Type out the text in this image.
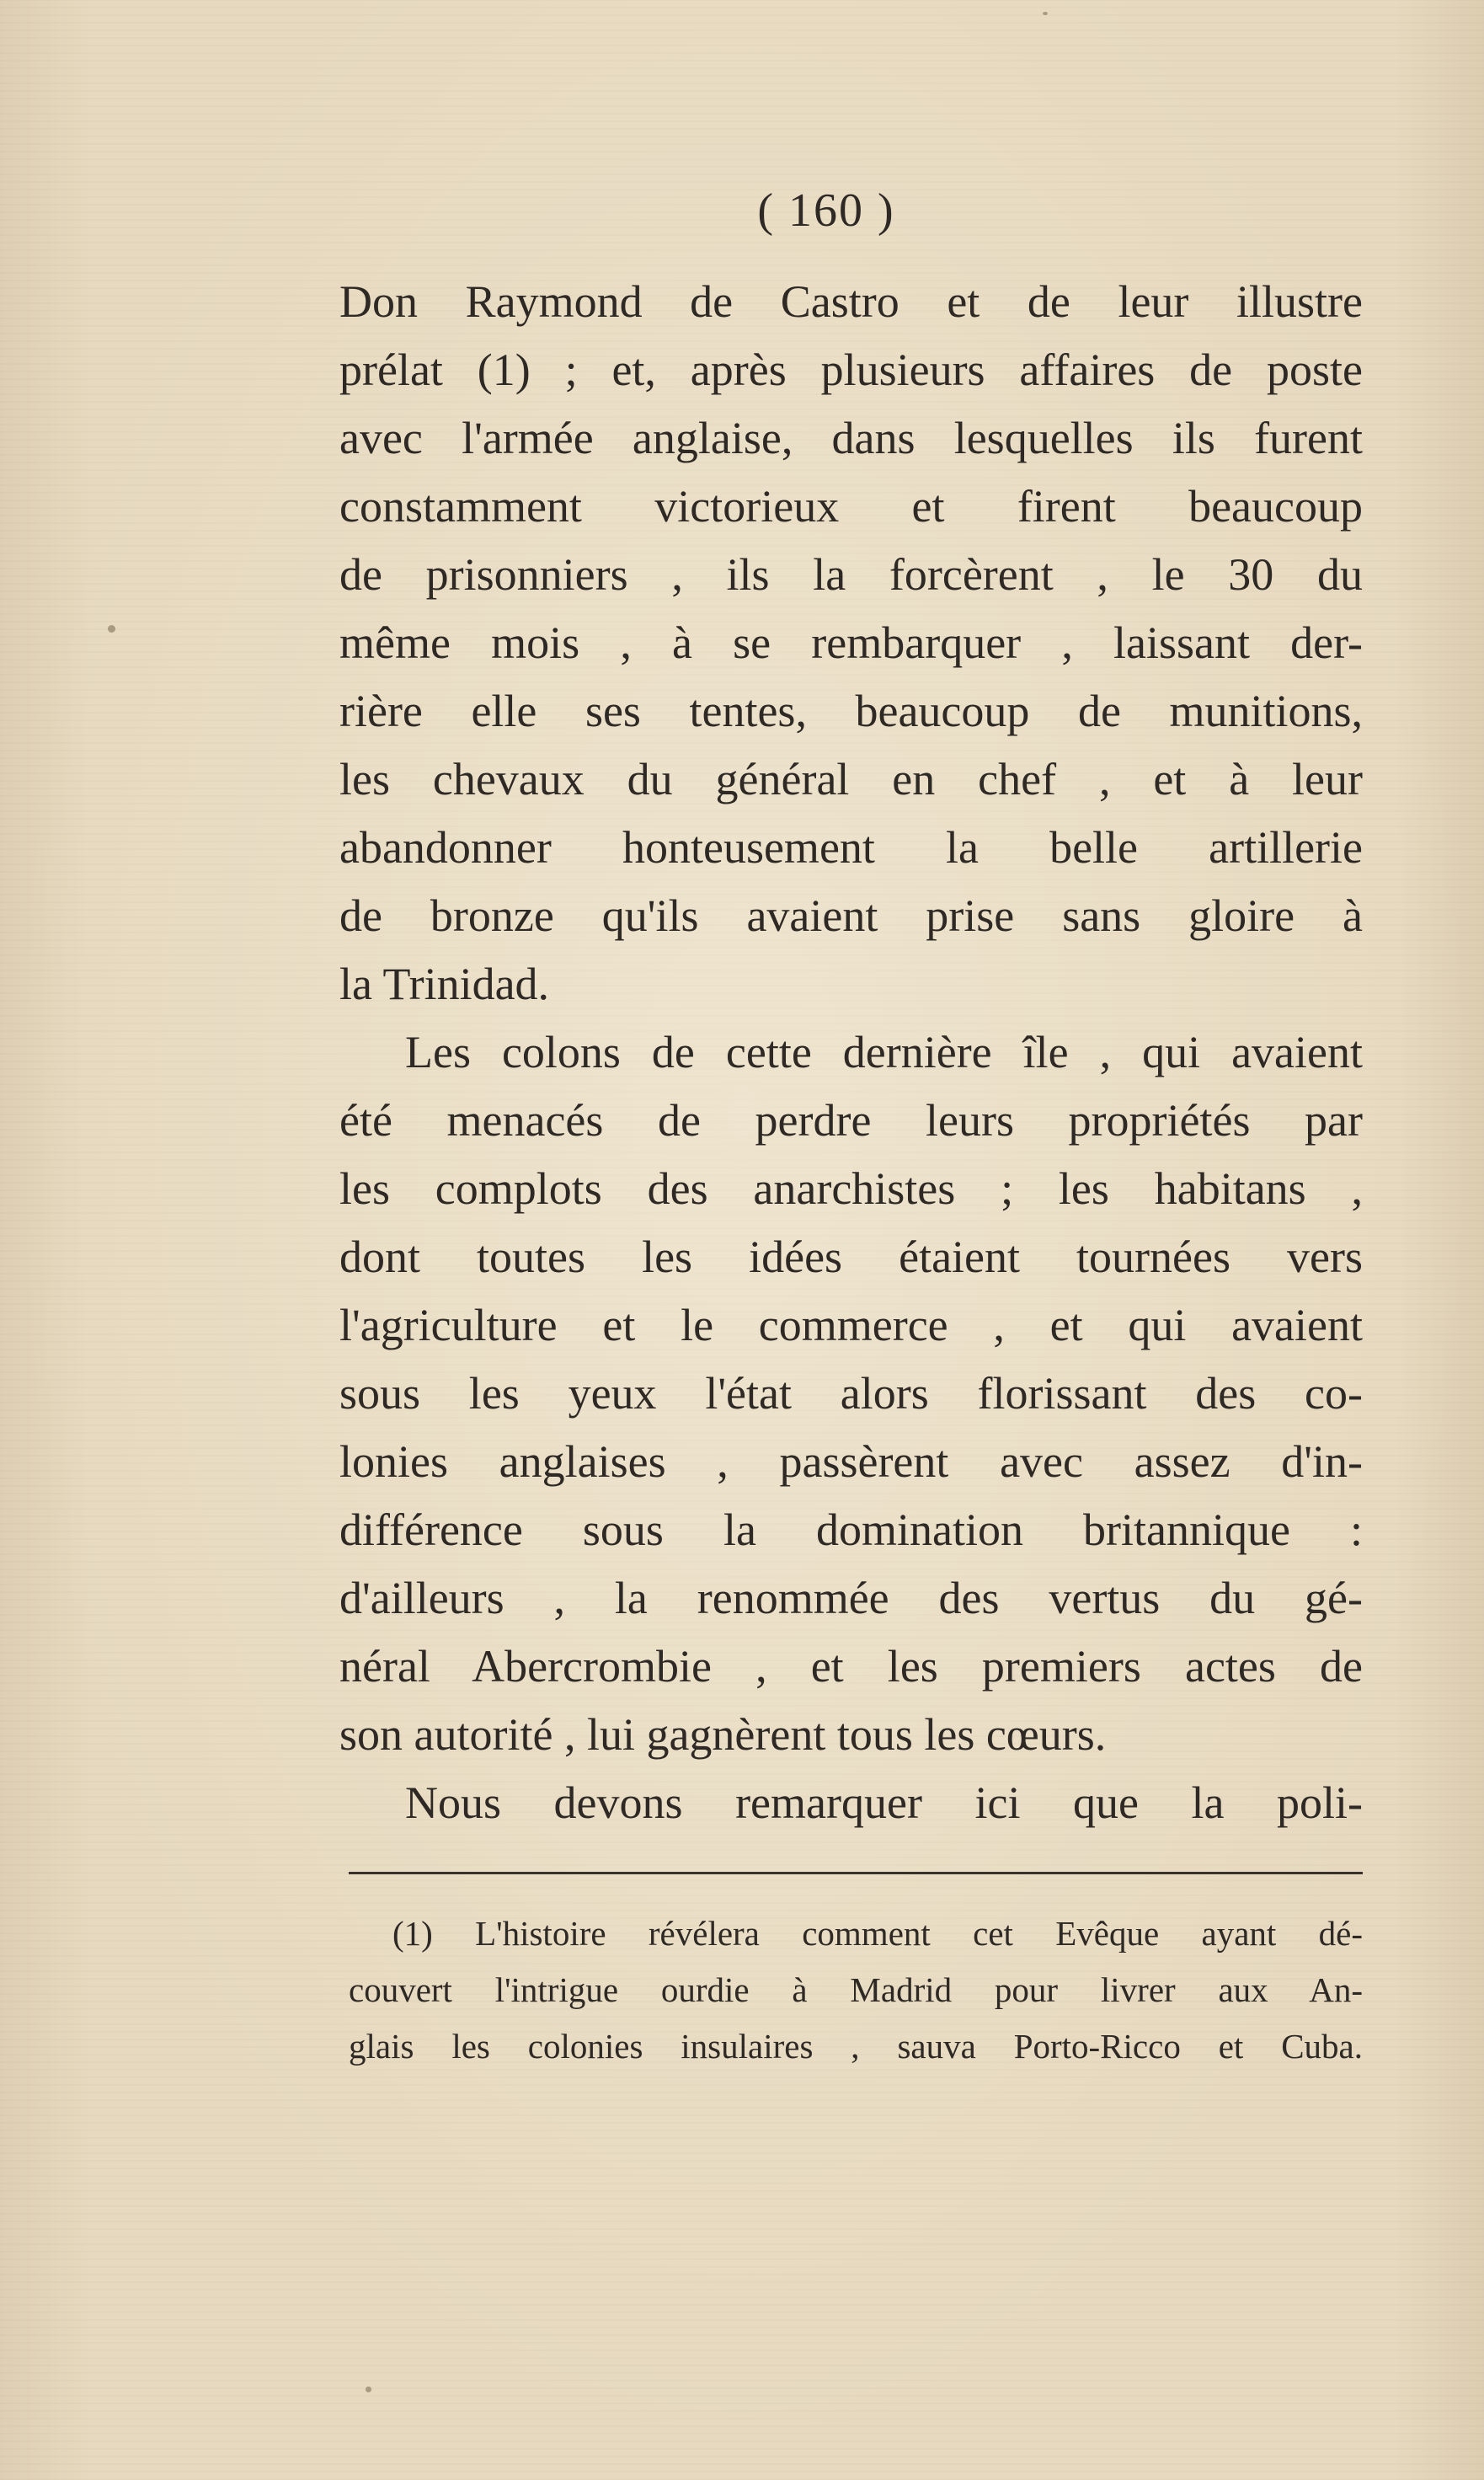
( 160 )
Don Raymond de Castro et de leur illustre
prélat (1) ; et, après plusieurs affaires de poste
avec l'armée anglaise, dans lesquelles ils furent
constamment victorieux et firent beaucoup
de prisonniers , ils la forcèrent , le 30 du
même mois , à se rembarquer , laissant der-
rière elle ses tentes, beaucoup de munitions,
les chevaux du général en chef , et à leur
abandonner honteusement la belle artillerie
de bronze qu'ils avaient prise sans gloire à
la Trinidad.
Les colons de cette dernière île , qui avaient
été menacés de perdre leurs propriétés par
les complots des anarchistes ; les habitans ,
dont toutes les idées étaient tournées vers
l'agriculture et le commerce , et qui avaient
sous les yeux l'état alors florissant des co-
lonies anglaises , passèrent avec assez d'in-
différence sous la domination britannique :
d'ailleurs , la renommée des vertus du gé-
néral Abercrombie , et les premiers actes de
son autorité , lui gagnèrent tous les cœurs.
Nous devons remarquer ici que la poli-
(1) L'histoire révélera comment cet Evêque ayant dé-
couvert l'intrigue ourdie à Madrid pour livrer aux An-
glais les colonies insulaires , sauva Porto-Ricco et Cuba.
